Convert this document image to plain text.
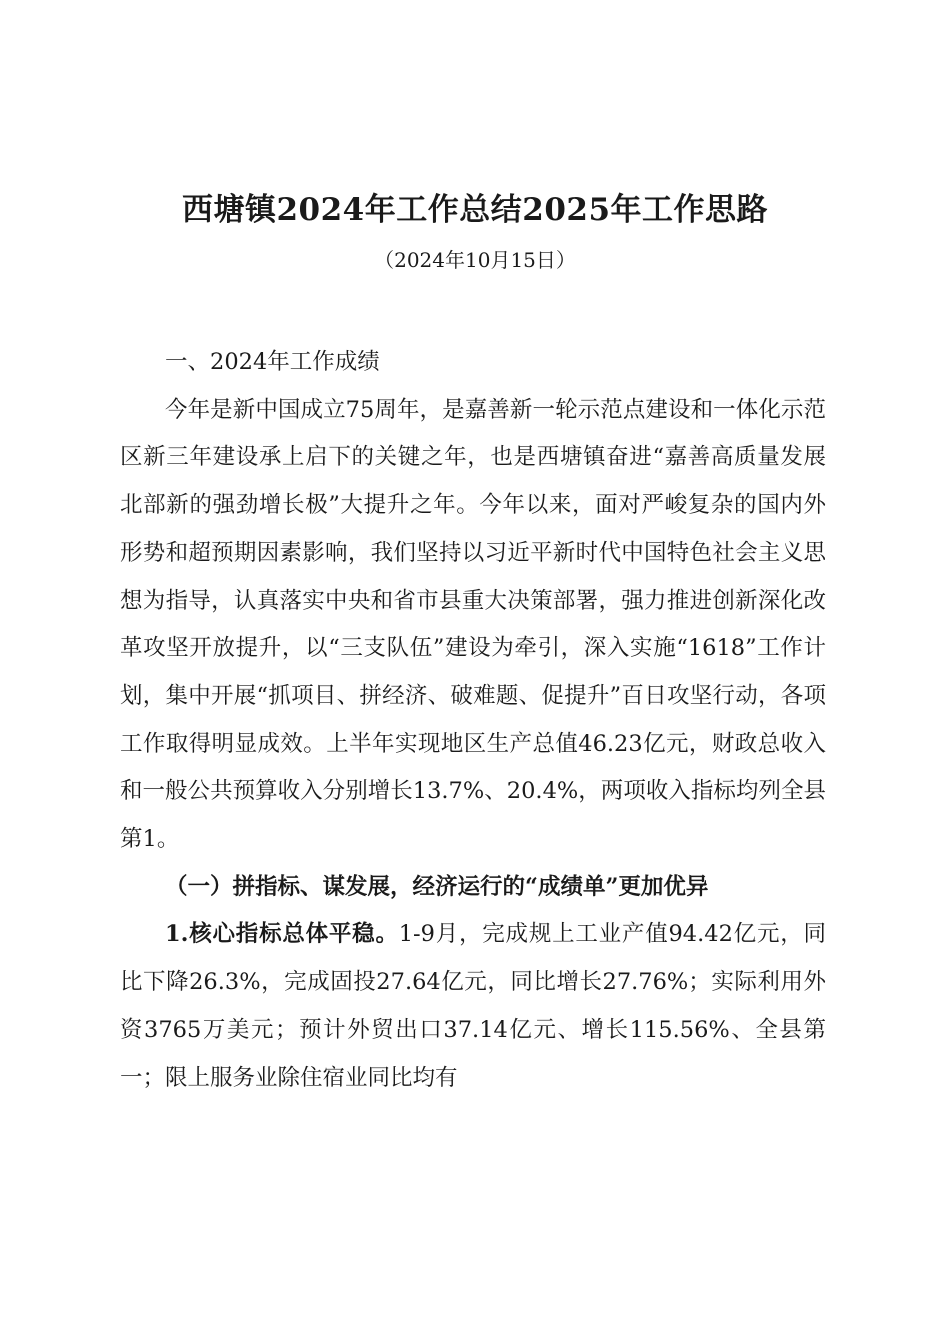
西塘镇2024年工作总结2025年工作思路
（2024年10月15日）

一、2024年工作成绩

今年是新中国成立75周年，是嘉善新一轮示范点建设和一体化示范区新三年建设承上启下的关键之年，也是西塘镇奋进“嘉善高质量发展北部新的强劲增长极”大提升之年。今年以来，面对严峻复杂的国内外形势和超预期因素影响，我们坚持以习近平新时代中国特色社会主义思想为指导，认真落实中央和省市县重大决策部署，强力推进创新深化改革攻坚开放提升，以“三支队伍”建设为牵引，深入实施“1618”工作计划，集中开展“抓项目、拼经济、破难题、促提升”百日攻坚行动，各项工作取得明显成效。上半年实现地区生产总值46.23亿元，财政总收入和一般公共预算收入分别增长13.7%、20.4%，两项收入指标均列全县第1。

（一）拼指标、谋发展，经济运行的“成绩单”更加优异

1.核心指标总体平稳。1-9月，完成规上工业产值94.42亿元，同比下降26.3%，完成固投27.64亿元，同比增长27.76%；实际利用外资3765万美元；预计外贸出口37.14亿元、增长115.56%、全县第一；限上服务业除住宿业同比均有
